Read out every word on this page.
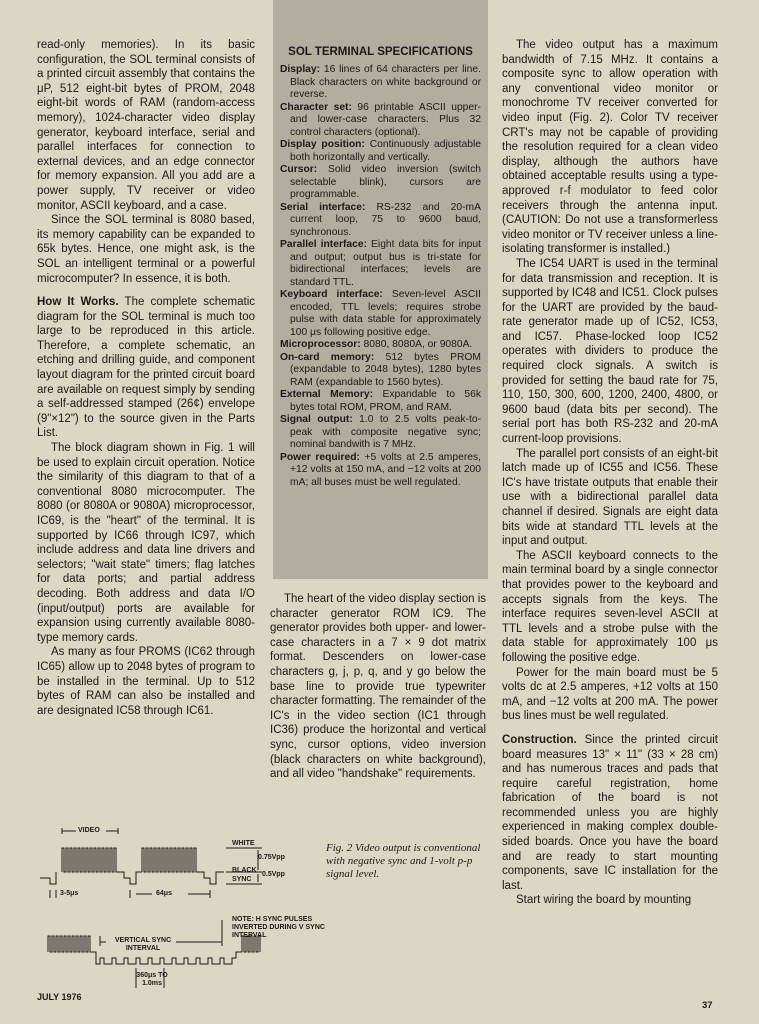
read-only memories). In its basic configuration, the SOL terminal consists of a printed circuit assembly that contains the μP, 512 eight-bit bytes of PROM, 2048 eight-bit words of RAM (random-access memory), 1024-character video display generator, keyboard interface, serial and parallel interfaces for connection to external devices, and an edge connector for memory expansion. All you add are a power supply, TV receiver or video monitor, ASCII keyboard, and a case.

Since the SOL terminal is 8080 based, its memory capability can be expanded to 65k bytes. Hence, one might ask, is the SOL an intelligent terminal or a powerful microcomputer? In essence, it is both.

How It Works. The complete schematic diagram for the SOL terminal is much too large to be reproduced in this article. Therefore, a complete schematic, an etching and drilling guide, and component layout diagram for the printed circuit board are available on request simply by sending a self-addressed stamped (26¢) envelope (9"×12") to the source given in the Parts List.

The block diagram shown in Fig. 1 will be used to explain circuit operation. Notice the similarity of this diagram to that of a conventional 8080 microcomputer. The 8080 (or 8080A or 9080A) microprocessor, IC69, is the "heart" of the terminal. It is supported by IC66 through IC97, which include address and data line drivers and selectors; "wait state" timers; flag latches for data ports; and partial address decoding. Both address and data I/O (input/output) ports are available for expansion using currently available 8080-type memory cards.

As many as four PROMS (IC62 through IC65) allow up to 2048 bytes of program to be installed in the terminal. Up to 512 bytes of RAM can also be installed and are designated IC58 through IC61.

SOL TERMINAL SPECIFICATIONS

Display: 16 lines of 64 characters per line. Black characters on white background or reverse.

Character set: 96 printable ASCII upper-and lower-case characters. Plus 32 control characters (optional).

Display position: Continuously adjustable both horizontally and vertically.

Cursor: Solid video inversion (switch selectable blink), cursors are programmable.

Serial interface: RS-232 and 20-mA current loop, 75 to 9600 baud, synchronous.

Parallel interface: Eight data bits for input and output; output bus is tri-state for bidirectional interfaces; levels are standard TTL.

Keyboard interface: Seven-level ASCII encoded, TTL levels; requires strobe pulse with data stable for approximately 100 μs following positive edge.

Microprocessor: 8080, 8080A, or 9080A.

On-card memory: 512 bytes PROM (expandable to 2048 bytes), 1280 bytes RAM (expandable to 1560 bytes).

External Memory: Expandable to 56k bytes total ROM, PROM, and RAM.

Signal output: 1.0 to 2.5 volts peak-to-peak with composite negative sync; nominal bandwith is 7 MHz.

Power required: +5 volts at 2.5 amperes, +12 volts at 150 mA, and −12 volts at 200 mA; all buses must be well regulated.

The heart of the video display section is character generator ROM IC9. The generator provides both upper- and lower-case characters in a 7 × 9 dot matrix format. Descenders on lower-case characters g, j, p, q, and y go below the base line to provide true typewriter character formatting. The remainder of the IC's in the video section (IC1 through IC36) produce the horizontal and vertical sync, cursor options, video inversion (black characters on white background), and all video "handshake" requirements.

The video output has a maximum bandwidth of 7.15 MHz. It contains a composite sync to allow operation with any conventional video monitor or monochrome TV receiver converted for video input (Fig. 2). Color TV receiver CRT's may not be capable of providing the resolution required for a clean video display, although the authors have obtained acceptable results using a type-approved r-f modulator to feed color receivers through the antenna input. (CAUTION: Do not use a transformerless video monitor or TV receiver unless a line-isolating transformer is installed.)

The IC54 UART is used in the terminal for data transmission and reception. It is supported by IC48 and IC51. Clock pulses for the UART are provided by the baud-rate generator made up of IC52, IC53, and IC57. Phase-locked loop IC52 operates with dividers to produce the required clock signals. A switch is provided for setting the baud rate for 75, 110, 150, 300, 600, 1200, 2400, 4800, or 9600 baud (data bits per second). The serial port has both RS-232 and 20-mA current-loop provisions.

The parallel port consists of an eight-bit latch made up of IC55 and IC56. These IC's have tristate outputs that enable their use with a bidirectional parallel data channel if desired. Signals are eight data bits wide at standard TTL levels at the input and output.

The ASCII keyboard connects to the main terminal board by a single connector that provides power to the keyboard and accepts signals from the keys. The interface requires seven-level ASCII at TTL levels and a strobe pulse with the data stable for approximately 100 μs following the positive edge.

Power for the main board must be 5 volts dc at 2.5 amperes, +12 volts at 150 mA, and −12 volts at 200 mA. The power bus lines must be well regulated.

Construction. Since the printed circuit board measures 13" × 11" (33 × 28 cm) and has numerous traces and pads that require careful registration, home fabrication of the board is not recommended unless you are highly experienced in making complex double-sided boards. Once you have the board and are ready to start mounting components, save IC installation for the last.

Start wiring the board by mounting

VIDEO
WHITE
0.75Vpp
BLACK
SYNC
0.5Vpp
3-5μs	64μs
NOTE: H SYNC PULSES INVERTED DURING V SYNC INTERVAL
VERTICAL SYNC INTERVAL
360μs TO 1.0ms
Fig. 2 Video output is conventional with negative sync and 1-volt p-p signal level.
JULY 1976
37
